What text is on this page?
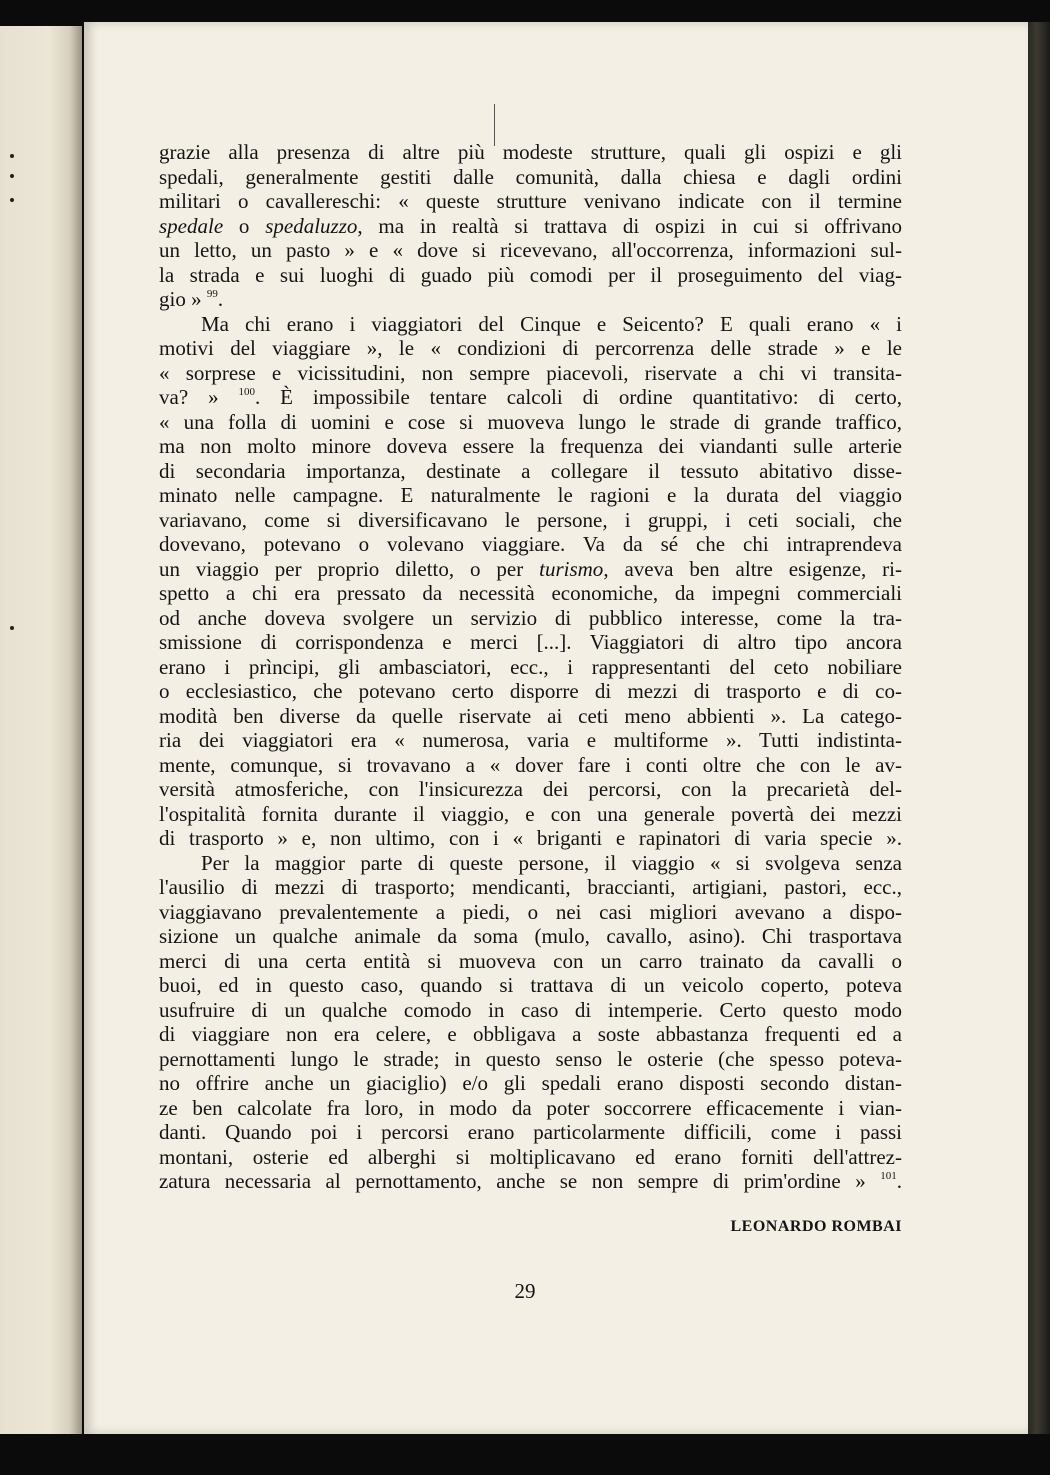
grazie alla presenza di altre più modeste strutture, quali gli ospizi e gli
spedali, generalmente gestiti dalle comunità, dalla chiesa e dagli ordini
militari o cavallereschi: « queste strutture venivano indicate con il termine
spedale o spedaluzzo, ma in realtà si trattava di ospizi in cui si offrivano
un letto, un pasto » e « dove si ricevevano, all'occorrenza, informazioni sul-
la strada e sui luoghi di guado più comodi per il proseguimento del viag-
gio » $^{99}$.
Ma chi erano i viaggiatori del Cinque e Seicento? E quali erano « i
motivi del viaggiare », le « condizioni di percorrenza delle strade » e le
« sorprese e vicissitudini, non sempre piacevoli, riservate a chi vi transita-
va? » $^{100}$. È impossibile tentare calcoli di ordine quantitativo: di certo,
« una folla di uomini e cose si muoveva lungo le strade di grande traffico,
ma non molto minore doveva essere la frequenza dei viandanti sulle arterie
di secondaria importanza, destinate a collegare il tessuto abitativo disse-
minato nelle campagne. E naturalmente le ragioni e la durata del viaggio
variavano, come si diversificavano le persone, i gruppi, i ceti sociali, che
dovevano, potevano o volevano viaggiare. Va da sé che chi intraprendeva
un viaggio per proprio diletto, o per turismo, aveva ben altre esigenze, ri-
spetto a chi era pressato da necessità economiche, da impegni commerciali
od anche doveva svolgere un servizio di pubblico interesse, come la tra-
smissione di corrispondenza e merci [...]. Viaggiatori di altro tipo ancora
erano i prìncipi, gli ambasciatori, ecc., i rappresentanti del ceto nobiliare
o ecclesiastico, che potevano certo disporre di mezzi di trasporto e di co-
modità ben diverse da quelle riservate ai ceti meno abbienti ». La catego-
ria dei viaggiatori era « numerosa, varia e multiforme ». Tutti indistinta-
mente, comunque, si trovavano a « dover fare i conti oltre che con le av-
versità atmosferiche, con l'insicurezza dei percorsi, con la precarietà del-
l'ospitalità fornita durante il viaggio, e con una generale povertà dei mezzi
di trasporto » e, non ultimo, con i « briganti e rapinatori di varia specie ».
Per la maggior parte di queste persone, il viaggio « si svolgeva senza
l'ausilio di mezzi di trasporto; mendicanti, braccianti, artigiani, pastori, ecc.,
viaggiavano prevalentemente a piedi, o nei casi migliori avevano a dispo-
sizione un qualche animale da soma (mulo, cavallo, asino). Chi trasportava
merci di una certa entità si muoveva con un carro trainato da cavalli o
buoi, ed in questo caso, quando si trattava di un veicolo coperto, poteva
usufruire di un qualche comodo in caso di intemperie. Certo questo modo
di viaggiare non era celere, e obbligava a soste abbastanza frequenti ed a
pernottamenti lungo le strade; in questo senso le osterie (che spesso poteva-
no offrire anche un giaciglio) e/o gli spedali erano disposti secondo distan-
ze ben calcolate fra loro, in modo da poter soccorrere efficacemente i vian-
danti. Quando poi i percorsi erano particolarmente difficili, come i passi
montani, osterie ed alberghi si moltiplicavano ed erano forniti dell'attrez-
zatura necessaria al pernottamento, anche se non sempre di prim'ordine » $^{101}$.
LEONARDO ROMBAI
29
